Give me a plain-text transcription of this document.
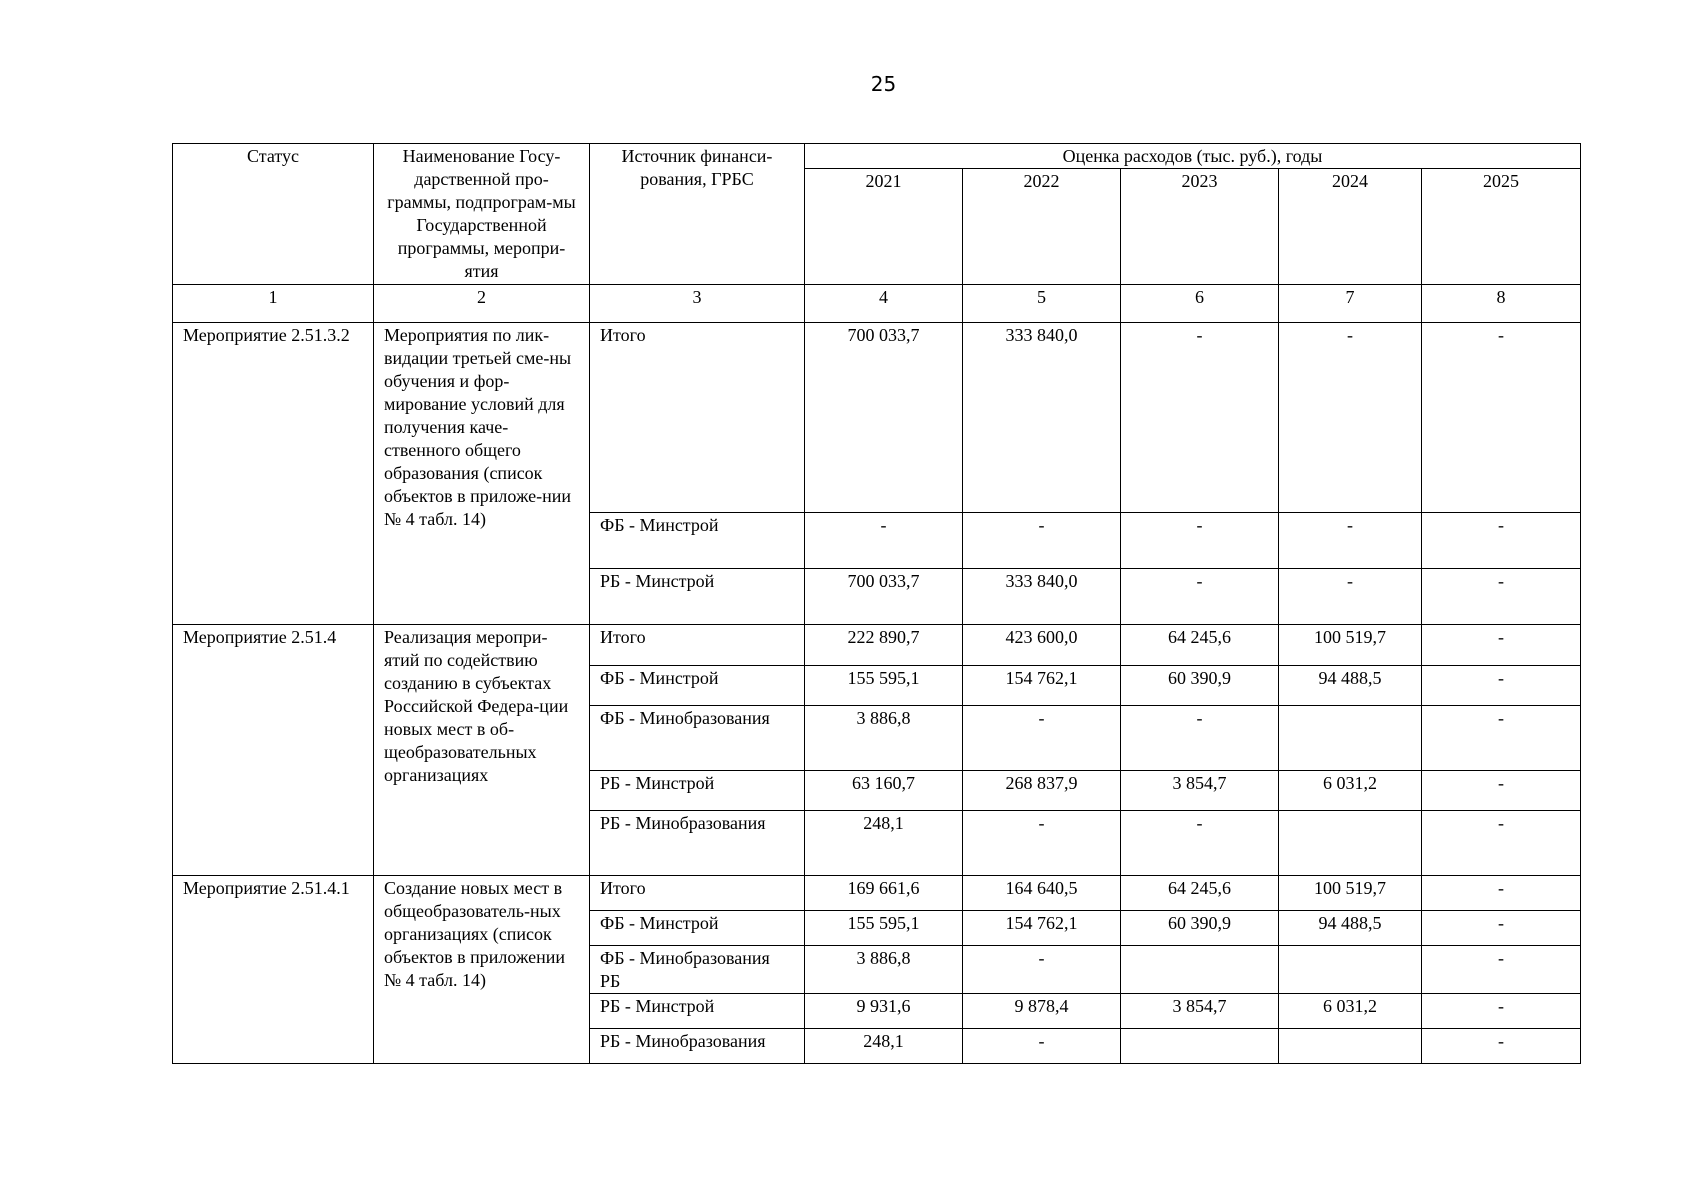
25
Статус	Наименование Госу-дарственной про-граммы, подпрограм-мы Государственной программы, меропри-ятия	Источник финанси-рования, ГРБС	Оценка расходов (тыс. руб.), годы				
			2021	2022	2023	2024	2025
1	2	3	4	5	6	7	8
Мероприятие 2.51.3.2	Мероприятия по лик-видации третьей сме-ны обучения и фор-мирование условий для получения каче-ственного общего образования (список объектов в приложе-нии № 4 табл. 14)	Итого	700 033,7	333 840,0	-	-	-
		ФБ - Минстрой	-	-	-	-	-
		РБ - Минстрой	700 033,7	333 840,0	-	-	-
Мероприятие 2.51.4	Реализация меропри-ятий по содействию созданию в субъектах Российской Федера-ции новых мест в об-щеобразовательных организациях	Итого	222 890,7	423 600,0	64 245,6	100 519,7	-
		ФБ - Минстрой	155 595,1	154 762,1	60 390,9	94 488,5	-
		ФБ - Минобразования	3 886,8	-	-		-
		РБ - Минстрой	63 160,7	268 837,9	3 854,7	6 031,2	-
		РБ - Минобразования	248,1	-	-		-
Мероприятие 2.51.4.1	Создание новых мест в общеобразователь-ных организациях (список объектов в приложении № 4 табл. 14)	Итого	169 661,6	164 640,5	64 245,6	100 519,7	-
		ФБ - Минстрой	155 595,1	154 762,1	60 390,9	94 488,5	-
		ФБ - Минобразования РБ	3 886,8	-			-
		РБ - Минстрой	9 931,6	9 878,4	3 854,7	6 031,2	-
		РБ - Минобразования	248,1	-			-
